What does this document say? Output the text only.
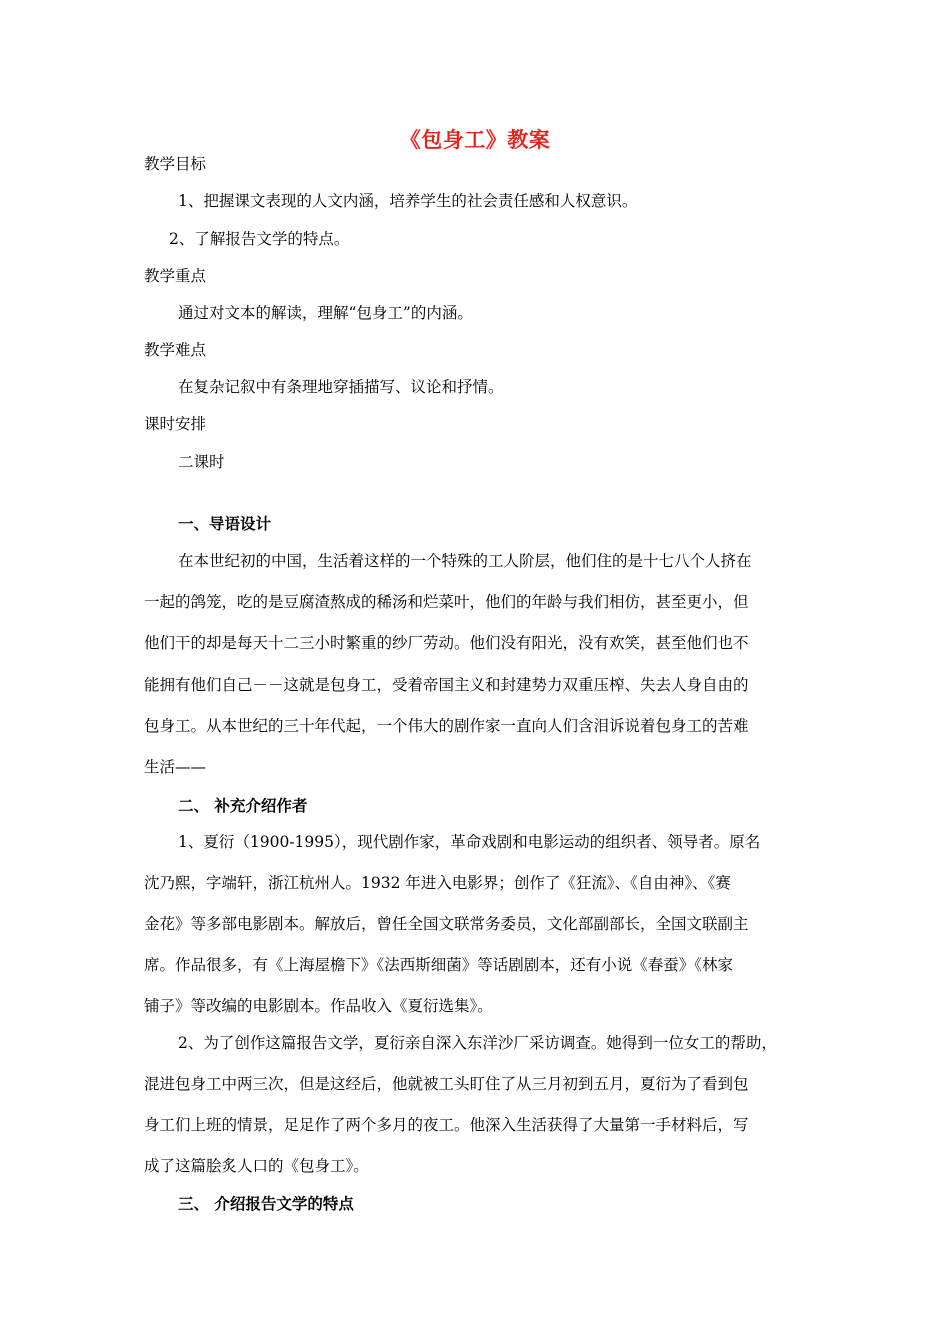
《包身工》教案
教学目标
1、把握课文表现的人文内涵，培养学生的社会责任感和人权意识。
2、了解报告文学的特点。
教学重点
通过对文本的解读，理解“包身工”的内涵。
教学难点
在复杂记叙中有条理地穿插描写、议论和抒情。
课时安排
二课时
一、导语设计
在本世纪初的中国，生活着这样的一个特殊的工人阶层，他们住的是十七八个人挤在
一起的鸽笼，吃的是豆腐渣熬成的稀汤和烂菜叶，他们的年龄与我们相仿，甚至更小，但
他们干的却是每天十二三小时繁重的纱厂劳动。他们没有阳光，没有欢笑，甚至他们也不
能拥有他们自己－－这就是包身工，受着帝国主义和封建势力双重压榨、失去人身自由的
包身工。从本世纪的三十年代起，一个伟大的剧作家一直向人们含泪诉说着包身工的苦难
生活——
二、 补充介绍作者
1、夏衍（1900-1995），现代剧作家，革命戏剧和电影运动的组织者、领导者。原名
沈乃熙，字端轩，浙江杭州人。1932 年进入电影界；创作了《狂流》、《自由神》、《赛
金花》等多部电影剧本。解放后，曾任全国文联常务委员，文化部副部长，全国文联副主
席。作品很多，有《上海屋檐下》《法西斯细菌》等话剧剧本，还有小说《春蚕》《林家
铺子》等改编的电影剧本。作品收入《夏衍选集》。
2、为了创作这篇报告文学，夏衍亲自深入东洋沙厂采访调查。她得到一位女工的帮助，
混进包身工中两三次，但是这经后，他就被工头盯住了从三月初到五月，夏衍为了看到包
身工们上班的情景，足足作了两个多月的夜工。他深入生活获得了大量第一手材料后，写
成了这篇脍炙人口的《包身工》。
三、 介绍报告文学的特点
